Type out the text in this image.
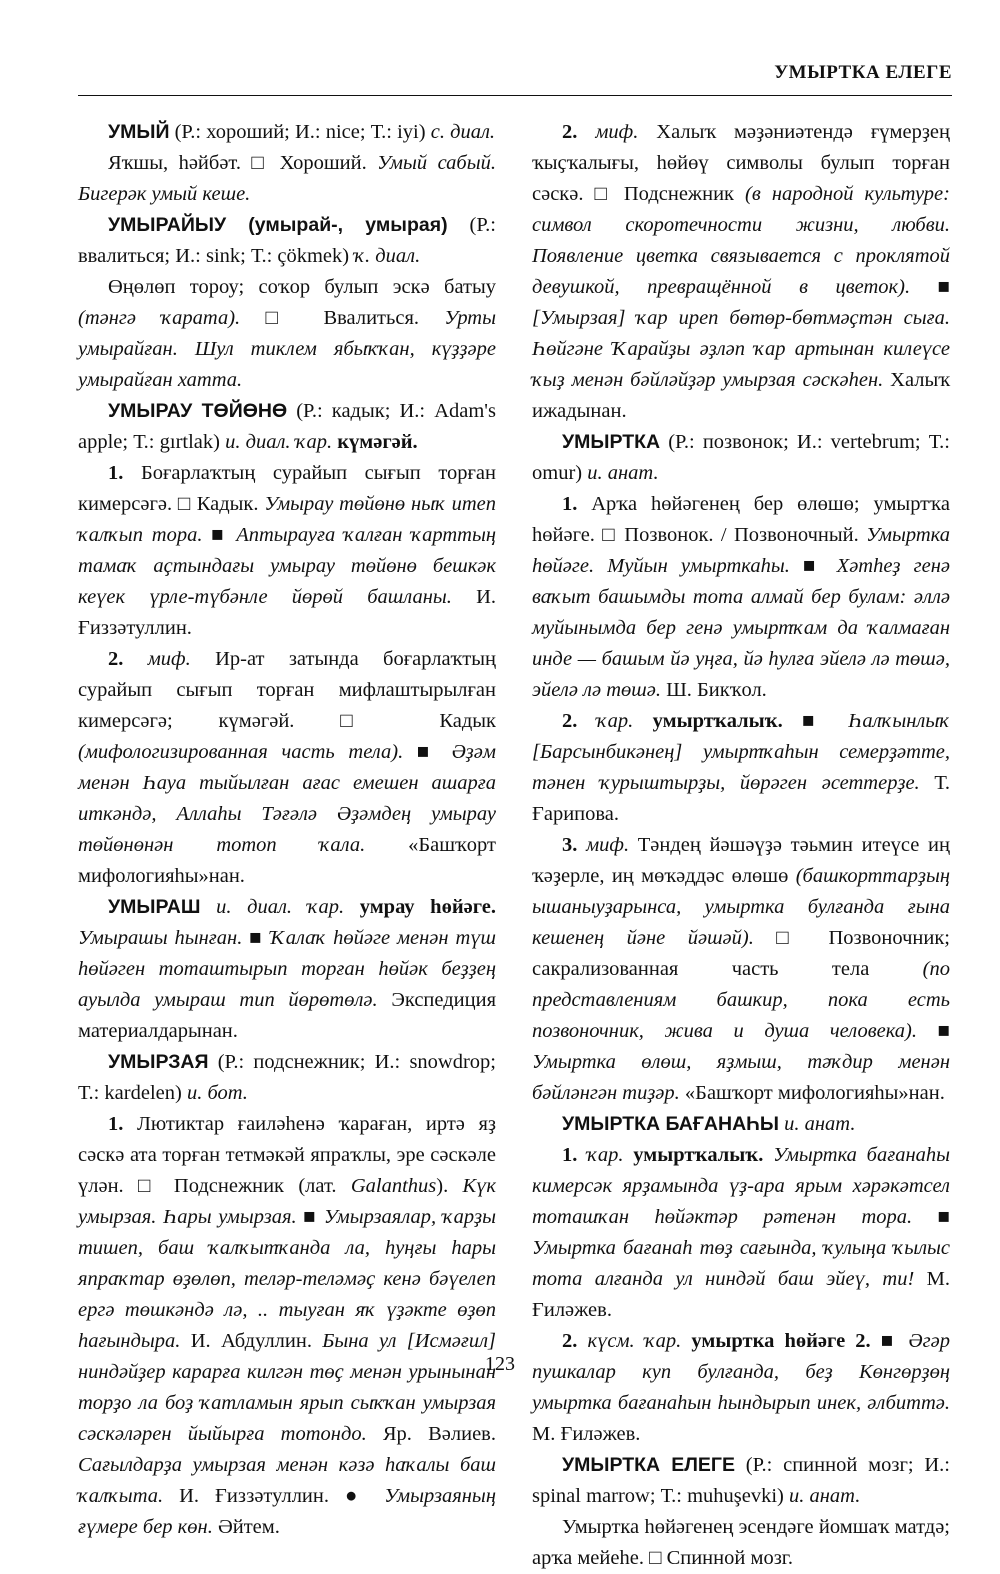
УМЫРТКА ЕЛЕГЕ

УМЫЙ (Р.: хороший; И.: nice; Т.: iyi) с. диал.

Яҡшы, һәйбәт. □ Хороший. Умый сабый. Бигерәк умый кеше.

УМЫРАЙЫУ (умырай-, умырая) (Р.: ввалиться; И.: sink; Т.: çökmek) ҡ. диал.

Өңөлөп тороу; соҡор булып эскә батыу (тәнгә ҡарата). □ Ввалиться. Урты умырайған. Шул тиклем ябыҡҡан, күҙҙәре умырайған хатта.

УМЫРАУ ТӨЙӨНӨ (Р.: кадык; И.: Adam's apple; Т.: gırtlak) и. диал. ҡар. күмәгәй.

1. Боғарлаҡтың сурайып сығып торған кимерсәгә. □ Кадык. Умырау төйөнө ныҡ итеп ҡалҡып тора. ■ Аптырауға ҡалған ҡарттың тамаҡ аҫтындағы умырау төйөнө бешкәк кеүек үрле-түбәнле йөрөй башланы. И. Ғиззәтуллин.

2. миф. Ир-ат затында боғарлаҡтың сурайып сығып торған мифлаштырылған кимерсәгә; күмәгәй. □ Кадык (мифологизированная часть тела). ■ Әҙәм менән Һауа тыйылған ағас емешен ашарға иткәндә, Аллаһы Тәғәлә Әҙәмдең умырау төйөнөнән тотоп ҡала. «Башҡорт мифологияһы»нан.

УМЫРАШ и. диал. ҡар. умрау һөйәге. Умырашы һынған. ■ Ҡалаҡ һөйәге менән түш һөйәген тоташтырып торған һөйәк беҙҙең ауылда умыраш тип йөрөтөлә. Экспедиция материалдарынан.

УМЫРЗАЯ (Р.: подснежник; И.: snowdrop; Т.: kardelen) и. бот.

1. Лютиктар ғаиләһенә ҡараған, иртә яҙ сәскә ата торған тетмәкәй япраҡлы, эре сәскәле үлән. □ Подснежник (лат. Galanthus). Күк умырзая. Һары умырзая. ■ Умырзаялар, ҡарҙы тишеп, баш ҡалҡытҡанда ла, һуңғы һары япраҡтар өҙөлөп, теләр-теләмәҫ кенә бәүелеп ергә төшкәндә лә, .. тыуған яҡ үҙәкте өҙөп һағындыра. И. Абдуллин. Бына ул [Исмәғил] ниндәйҙер карарға килгән төҫ менән урынынан торҙо ла боҙ ҡатламын ярып сыҡҡан умырзая сәскәләрен йыйырға тотондо. Яр. Вәлиев. Сағылдарҙа умырзая менән кәзә һаҡалы баш ҡалҡыта. И. Ғиззәтуллин. ● Умырзаяның ғүмере бер көн. Әйтем.

2. миф. Халыҡ мәҙәниәтендә ғүмерҙең ҡыҫҡалығы, һөйөү символы булып торған сәскә. □ Подснежник (в народной культуре: символ скоротечности жизни, любви. Появление цветка связывается с проклятой девушкой, превращённой в цветок). ■ [Умырзая] ҡар иреп бөтөр-бөтмәҫтән сыға. Һөйгәне Ҡарайҙы әҙләп ҡар артынан килеүсе ҡыҙ менән бәйләйҙәр умырзая сәскәһен. Халыҡ ижадынан.

УМЫРТКА (Р.: позвонок; И.: vertebrum; Т.: omur) и. анат.

1. Арҡа һөйәгенең бер өлөшө; умыртҡа һөйәге. □ Позвонок. / Позвоночный. Умыртка һөйәге. Муйын умырткаһы. ■ Хәтһеҙ генә ваҡыт башымды тота алмай бер булам: әллә муйынымда бер генә умыртҡам да ҡалмаған инде — башым йә уңға, йә һулға эйелә лә төшә, эйелә лә төшә. Ш. Бикҡол.

2. ҡар. умыртҡалыҡ. ■ Һалҡынлыҡ [Барсынбикәнең] умыртҡаһын семерҙәтте, тәнен ҡурыштырҙы, йөрәген әсеттерҙе. Т. Ғарипова.

3. миф. Тәндең йәшәүҙә тәьмин итеүсе иң ҡәҙерле, иң мөҡәддәс өлөшө (башкорттарҙың ышаныуҙарынса, умыртка булғанда ғына кешенең йәне йәшәй). □ Позвоночник; сакрализованная часть тела (по представлениям башкир, пока есть позвоночник, жива и душа человека). ■ Умыртка өлөш, яҙмыш, тәҡдир менән бәйләнгән тиҙәр. «Башҡорт мифологияһы»нан.

УМЫРТКА БАҒАНАҺЫ и. анат.

1. ҡар. умыртҡалыҡ. Умыртка бағанаһы кимерсәк ярҙамында үҙ-ара ярым хәрәкәтсел тоташҡан һөйәктәр рәтенән тора. ■ Умыртка бағанаһ төҙ сағында, ҡулыңа ҡылыс тота алғанда ул ниндәй баш эйеү, ти! М. Ғиләжев.

2. күсм. ҡар. умыртка һөйәге 2. ■ Әгәр пушкалар куп булғанда, беҙ Көнгөрҙөң умыртка бағанаһын һындырып инек, әлбиттә. М. Ғиләжев.

УМЫРТКА ЕЛЕГЕ (Р.: спинной мозг; И.: spinal marrow; Т.: muhuşevki) и. анат.

Умыртка һөйәгенең эсендәге йомшаҡ матдә; арҡа мейеһе. □ Спинной мозг.

123
